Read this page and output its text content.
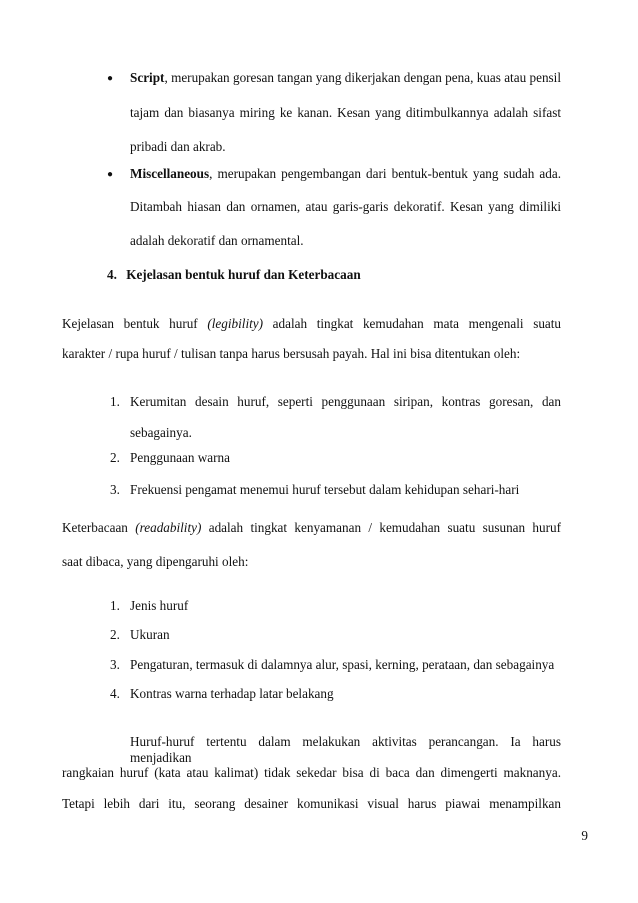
● Script, merupakan goresan tangan yang dikerjakan dengan pena, kuas atau pensil
tajam dan biasanya miring ke kanan. Kesan yang ditimbulkannya adalah sifast
pribadi dan akrab.
● Miscellaneous, merupakan pengembangan dari bentuk-bentuk yang sudah ada.
Ditambah hiasan dan ornamen, atau garis-garis dekoratif. Kesan yang dimiliki
adalah dekoratif dan ornamental.
4. Kejelasan bentuk huruf dan Keterbacaan
Kejelasan bentuk huruf (legibility) adalah tingkat kemudahan mata mengenali suatu
karakter / rupa huruf / tulisan tanpa harus bersusah payah. Hal ini bisa ditentukan oleh:
1. Kerumitan desain huruf, seperti penggunaan siripan, kontras goresan, dan
sebagainya.
2. Penggunaan warna
3. Frekuensi pengamat menemui huruf tersebut dalam kehidupan sehari-hari
Keterbacaan (readability) adalah tingkat kenyamanan / kemudahan suatu susunan huruf
saat dibaca, yang dipengaruhi oleh:
1. Jenis huruf
2. Ukuran
3. Pengaturan, termasuk di dalamnya alur, spasi, kerning, perataan, dan sebagainya
4. Kontras warna terhadap latar belakang
Huruf-huruf tertentu dalam melakukan aktivitas perancangan. Ia harus menjadikan
rangkaian huruf (kata atau kalimat) tidak sekedar bisa di baca dan dimengerti maknanya.
Tetapi lebih dari itu, seorang desainer komunikasi visual harus piawai menampilkan
9
